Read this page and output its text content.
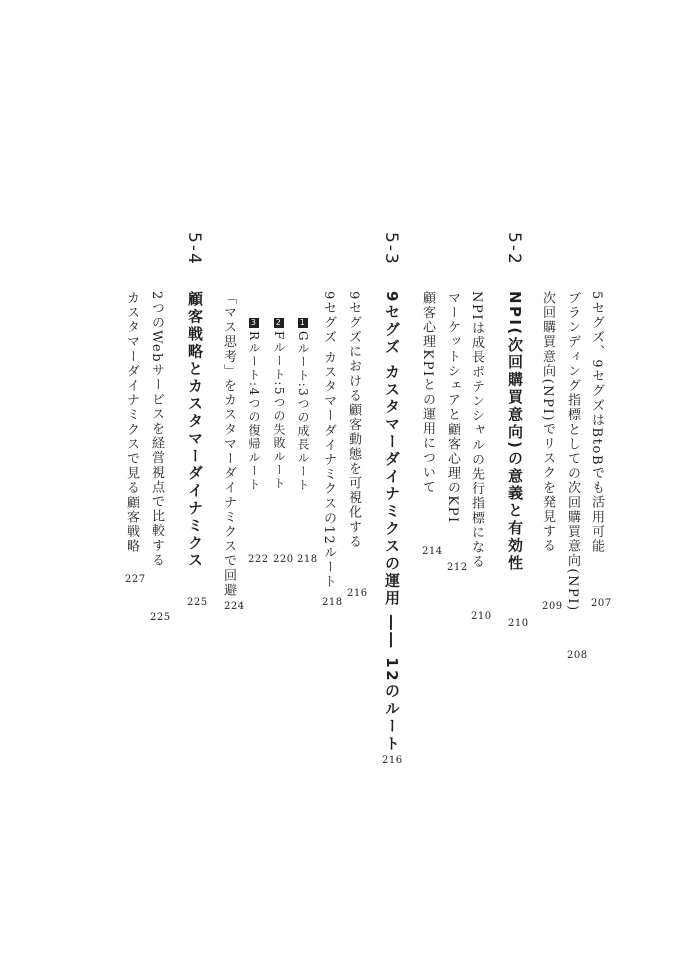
5セグズ、9セグズはBtoBでも活用可能
207
ブランディング指標としての次回購買意向(NPI)
208
次回購買意向(NPI)でリスクを発見する
209
5-2
NPI(次回購買意向)の意義と有効性
210
NPIは成長ポテンシャルの先行指標になる
210
マーケットシェアと顧客心理のKPI
212
顧客心理KPIとの運用について
214
5-3
9セグズ カスタマーダイナミクスの運用 ―― 12のルート
216
9セグズにおける顧客動態を可視化する
216
9セグズ カスタマーダイナミクスの12ルート
218
1Gルート:3つの成長ルート
218
2Fルート:5つの失敗ルート
220
3Rルート:4つの復帰ルート
222
「マス思考」をカスタマーダイナミクスで回避
224
5-4
顧客戦略とカスタマーダイナミクス
225
2つのWebサービスを経営視点で比較する
225
カスタマーダイナミクスで見る顧客戦略
227
